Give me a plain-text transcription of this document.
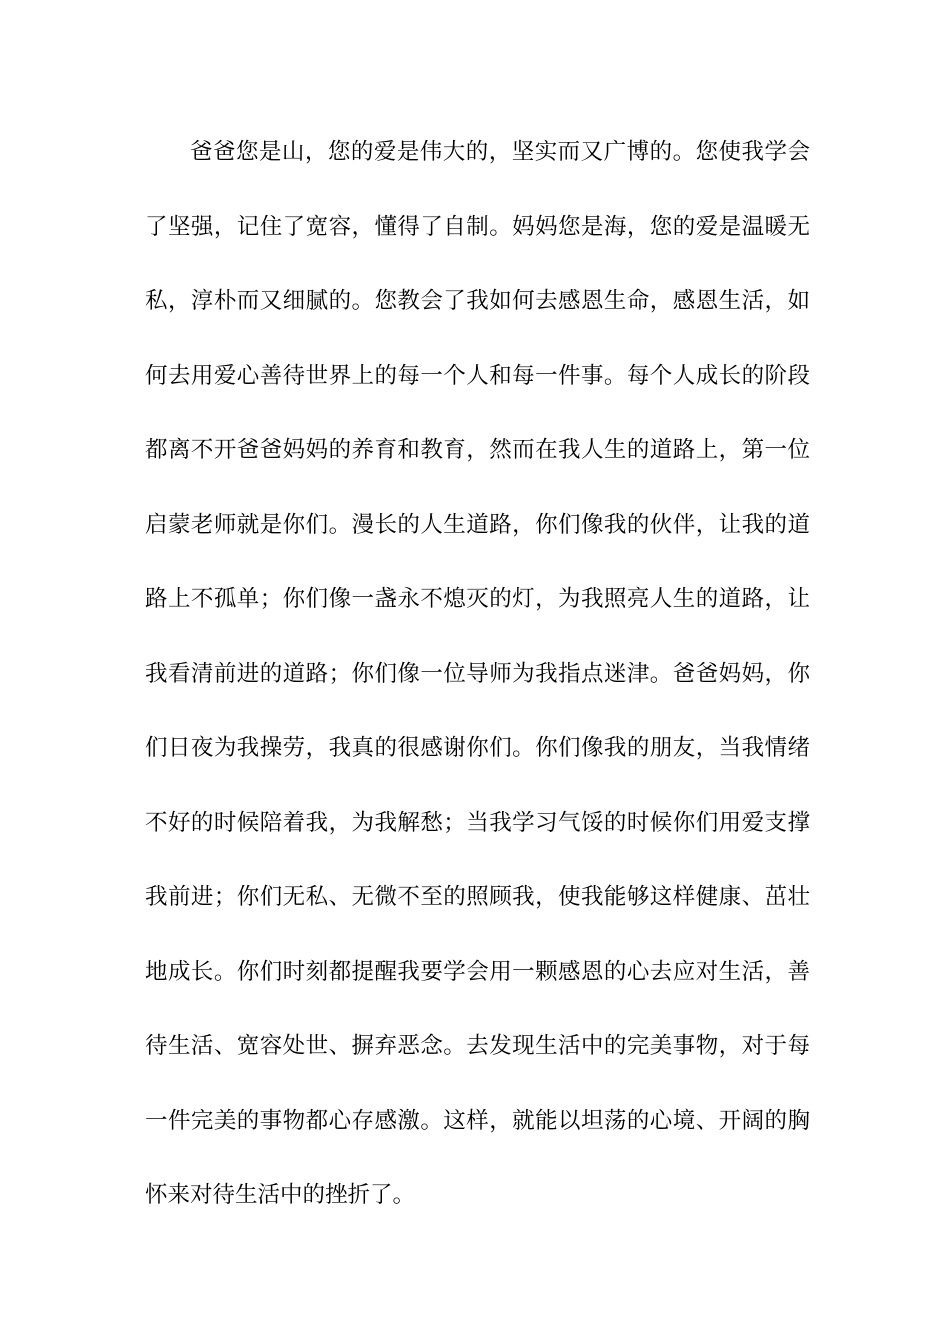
爸爸您是山，您的爱是伟大的，坚实而又广博的。您使我学会
了坚强，记住了宽容，懂得了自制。妈妈您是海，您的爱是温暖无
私，淳朴而又细腻的。您教会了我如何去感恩生命，感恩生活，如
何去用爱心善待世界上的每一个人和每一件事。每个人成长的阶段
都离不开爸爸妈妈的养育和教育，然而在我人生的道路上，第一位
启蒙老师就是你们。漫长的人生道路，你们像我的伙伴，让我的道
路上不孤单；你们像一盏永不熄灭的灯，为我照亮人生的道路，让
我看清前进的道路；你们像一位导师为我指点迷津。爸爸妈妈，你
们日夜为我操劳，我真的很感谢你们。你们像我的朋友，当我情绪
不好的时候陪着我，为我解愁；当我学习气馁的时候你们用爱支撑
我前进；你们无私、无微不至的照顾我，使我能够这样健康、茁壮
地成长。你们时刻都提醒我要学会用一颗感恩的心去应对生活，善
待生活、宽容处世、摒弃恶念。去发现生活中的完美事物，对于每
一件完美的事物都心存感激。这样，就能以坦荡的心境、开阔的胸
怀来对待生活中的挫折了。
